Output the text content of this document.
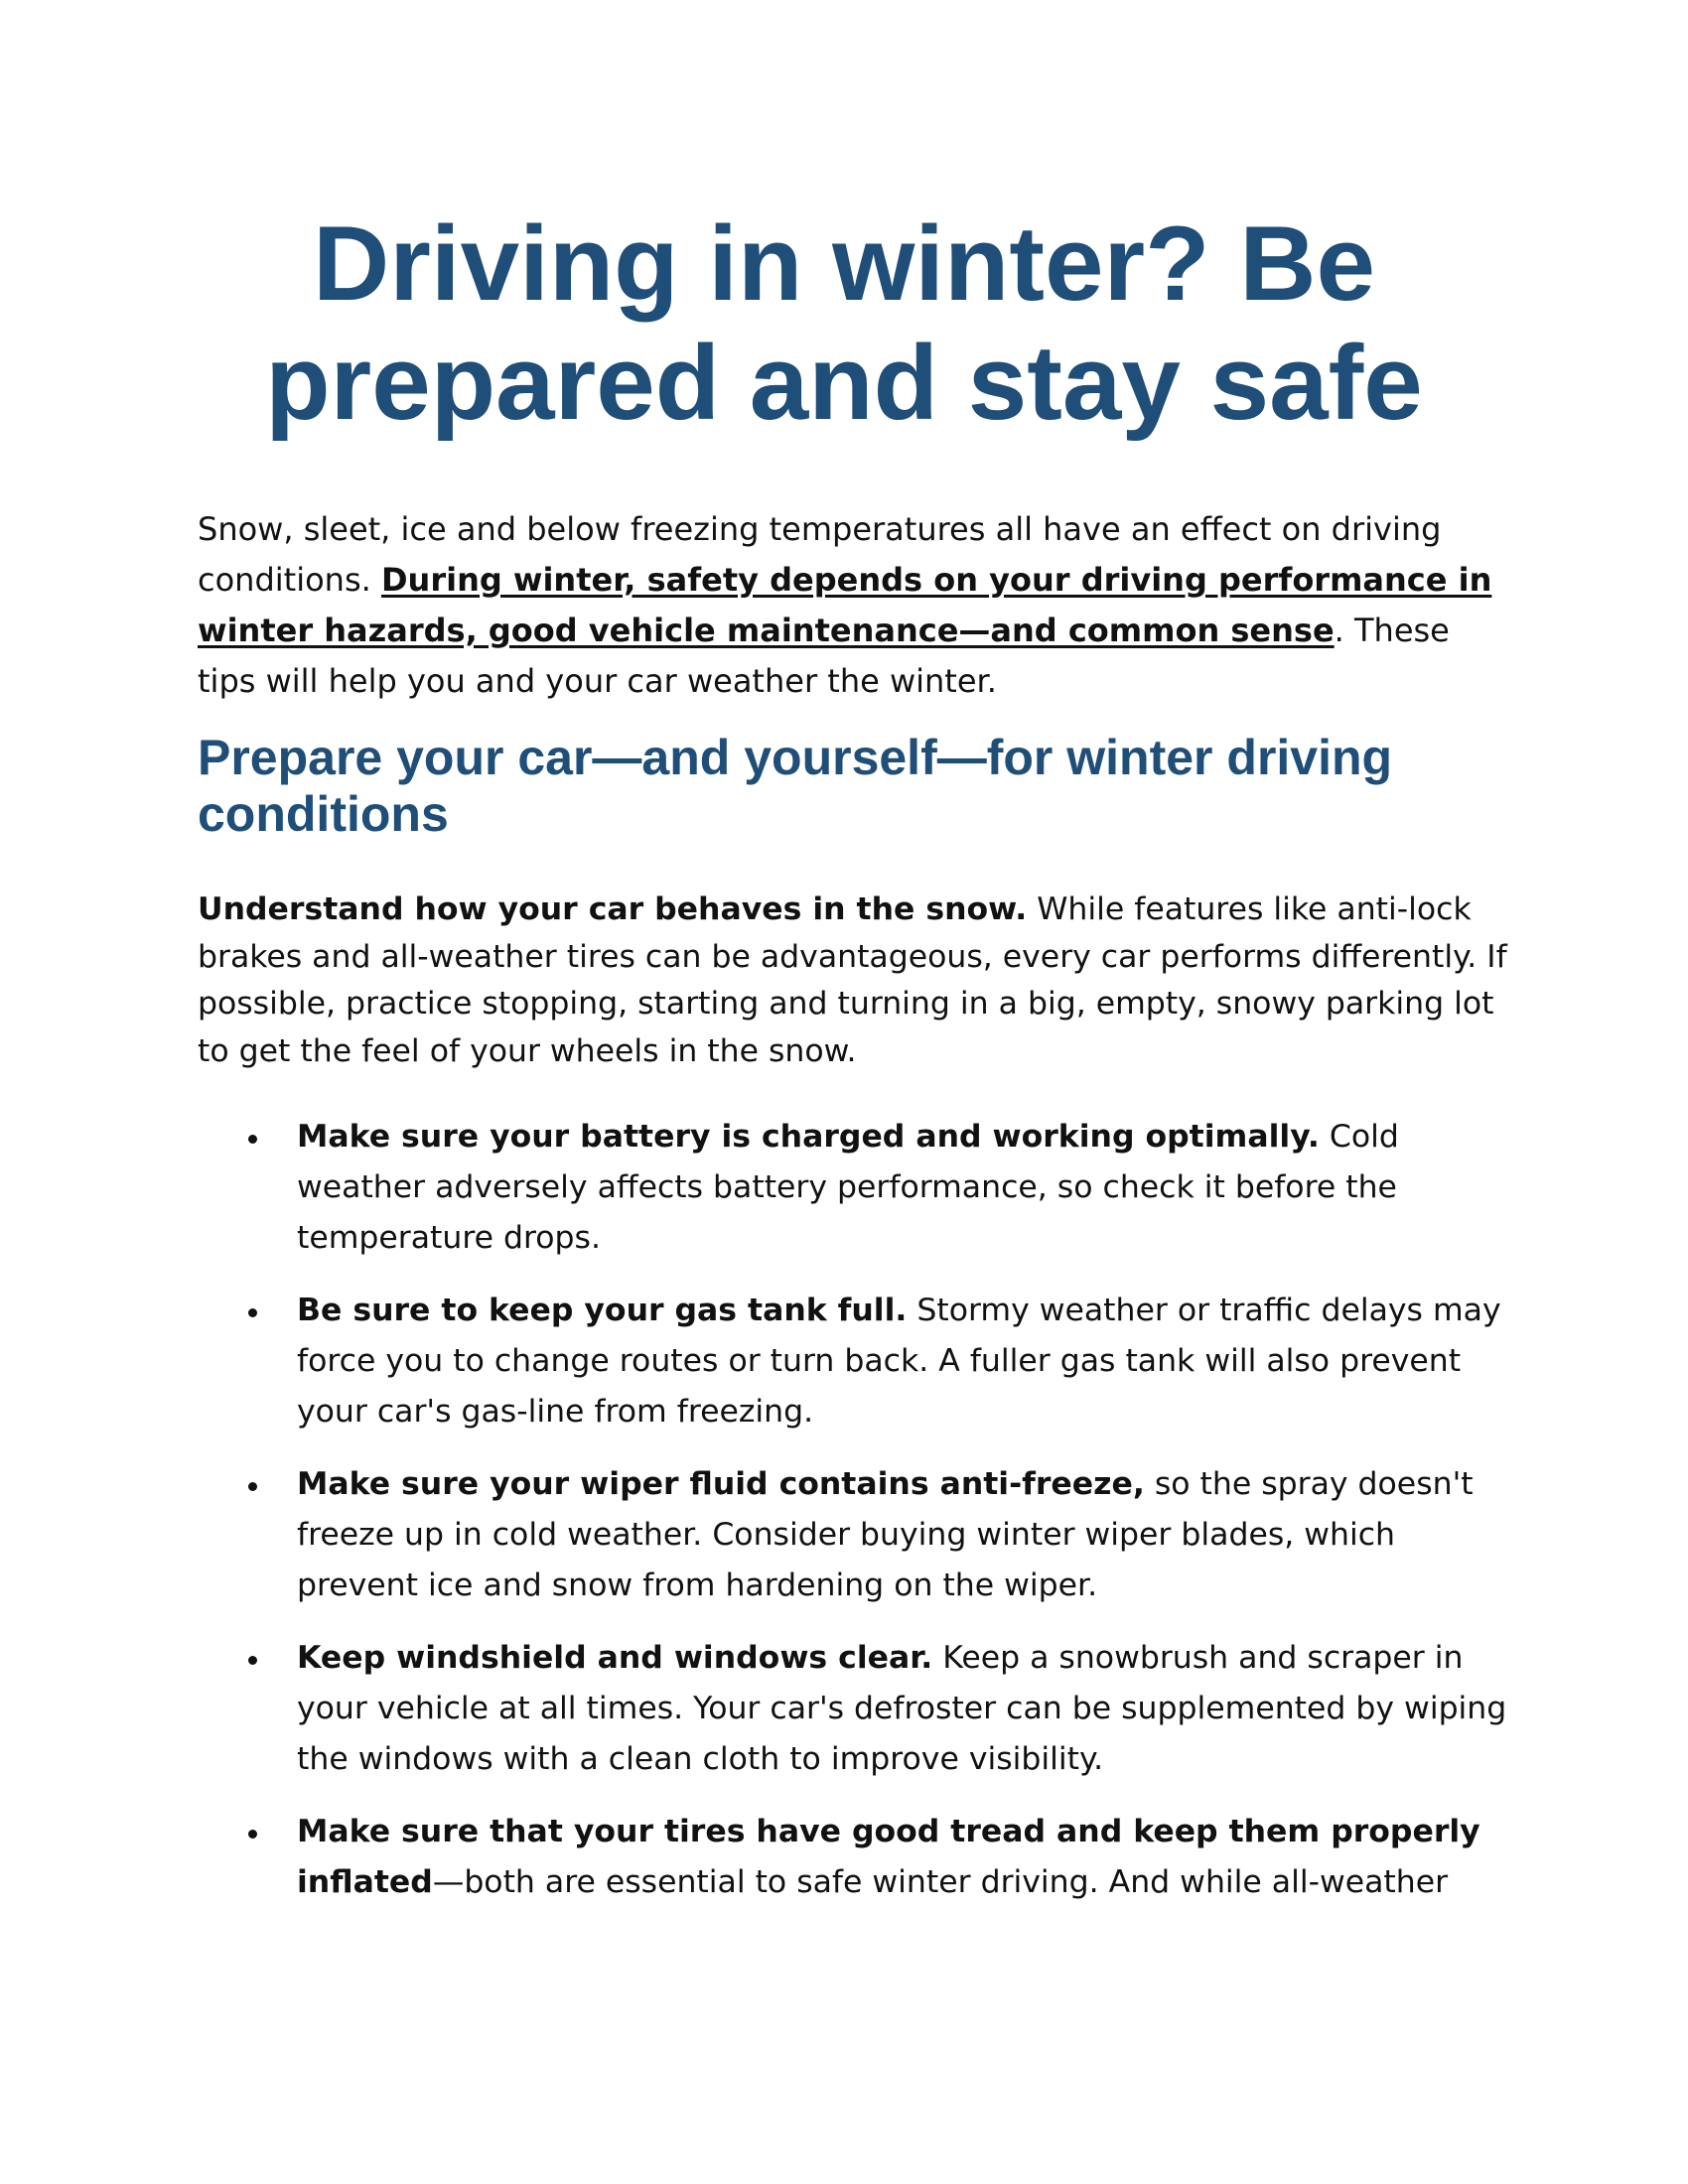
Driving in winter? Be prepared and stay safe

Snow, sleet, ice and below freezing temperatures all have an effect on driving conditions. During winter, safety depends on your driving performance in winter hazards, good vehicle maintenance—and common sense. These tips will help you and your car weather the winter.

Prepare your car—and yourself—for winter driving conditions

Understand how your car behaves in the snow. While features like anti-lock brakes and all-weather tires can be advantageous, every car performs differently. If possible, practice stopping, starting and turning in a big, empty, snowy parking lot to get the feel of your wheels in the snow.

Make sure your battery is charged and working optimally. Cold weather adversely affects battery performance, so check it before the temperature drops.

Be sure to keep your gas tank full. Stormy weather or traffic delays may force you to change routes or turn back. A fuller gas tank will also prevent your car's gas-line from freezing.

Make sure your wiper fluid contains anti-freeze, so the spray doesn't freeze up in cold weather. Consider buying winter wiper blades, which prevent ice and snow from hardening on the wiper.

Keep windshield and windows clear. Keep a snowbrush and scraper in your vehicle at all times. Your car's defroster can be supplemented by wiping the windows with a clean cloth to improve visibility.

Make sure that your tires have good tread and keep them properly inflated—both are essential to safe winter driving. And while all-weather
